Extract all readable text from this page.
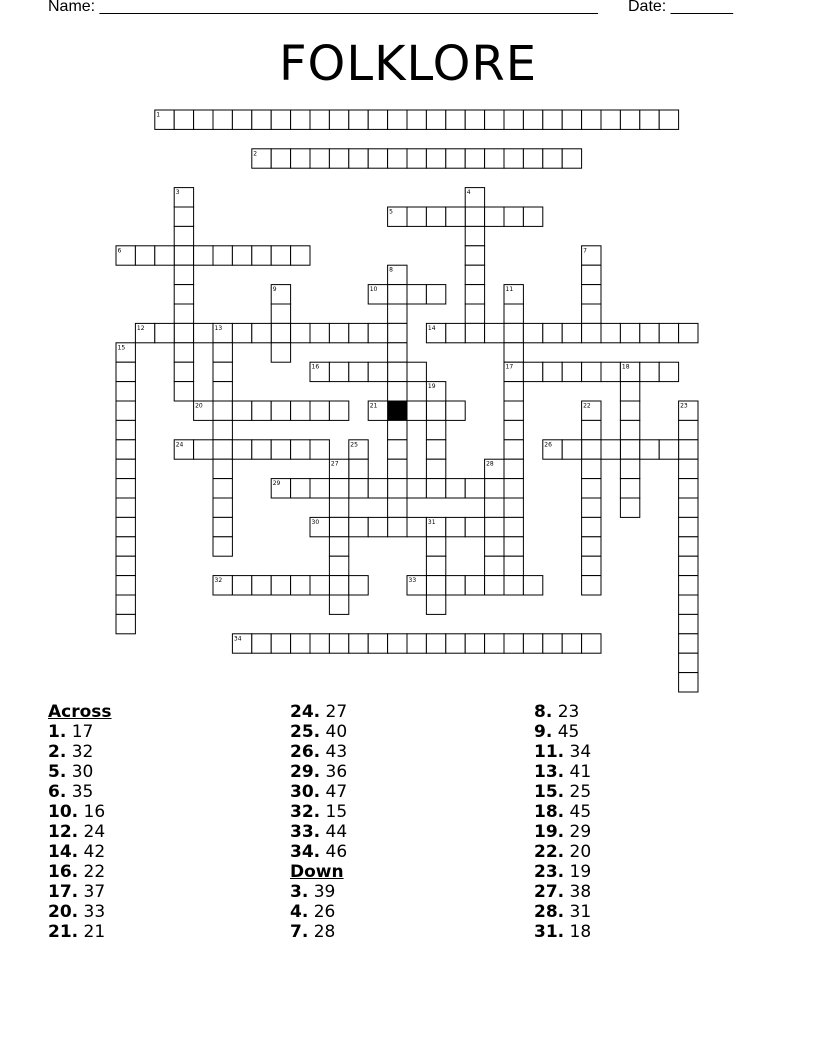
Name: ________________________________________________________ Date: _______
FOLKLORE
1
2
3	4
5
6	7
8
9	10	11
12	13	14
15
16	17	18
19
20	21	22	23
24	25	26
27	28
29
30	31
32	33
34
Across
1. 17
2. 32
5. 30
6. 35
10. 16
12. 24
14. 42
16. 22
17. 37
20. 33
21. 21
24. 27
25. 40
26. 43
29. 36
30. 47
32. 15
33. 44
34. 46
Down
3. 39
4. 26
7. 28
8. 23
9. 45
11. 34
13. 41
15. 25
18. 45
19. 29
22. 20
23. 19
27. 38
28. 31
31. 18
